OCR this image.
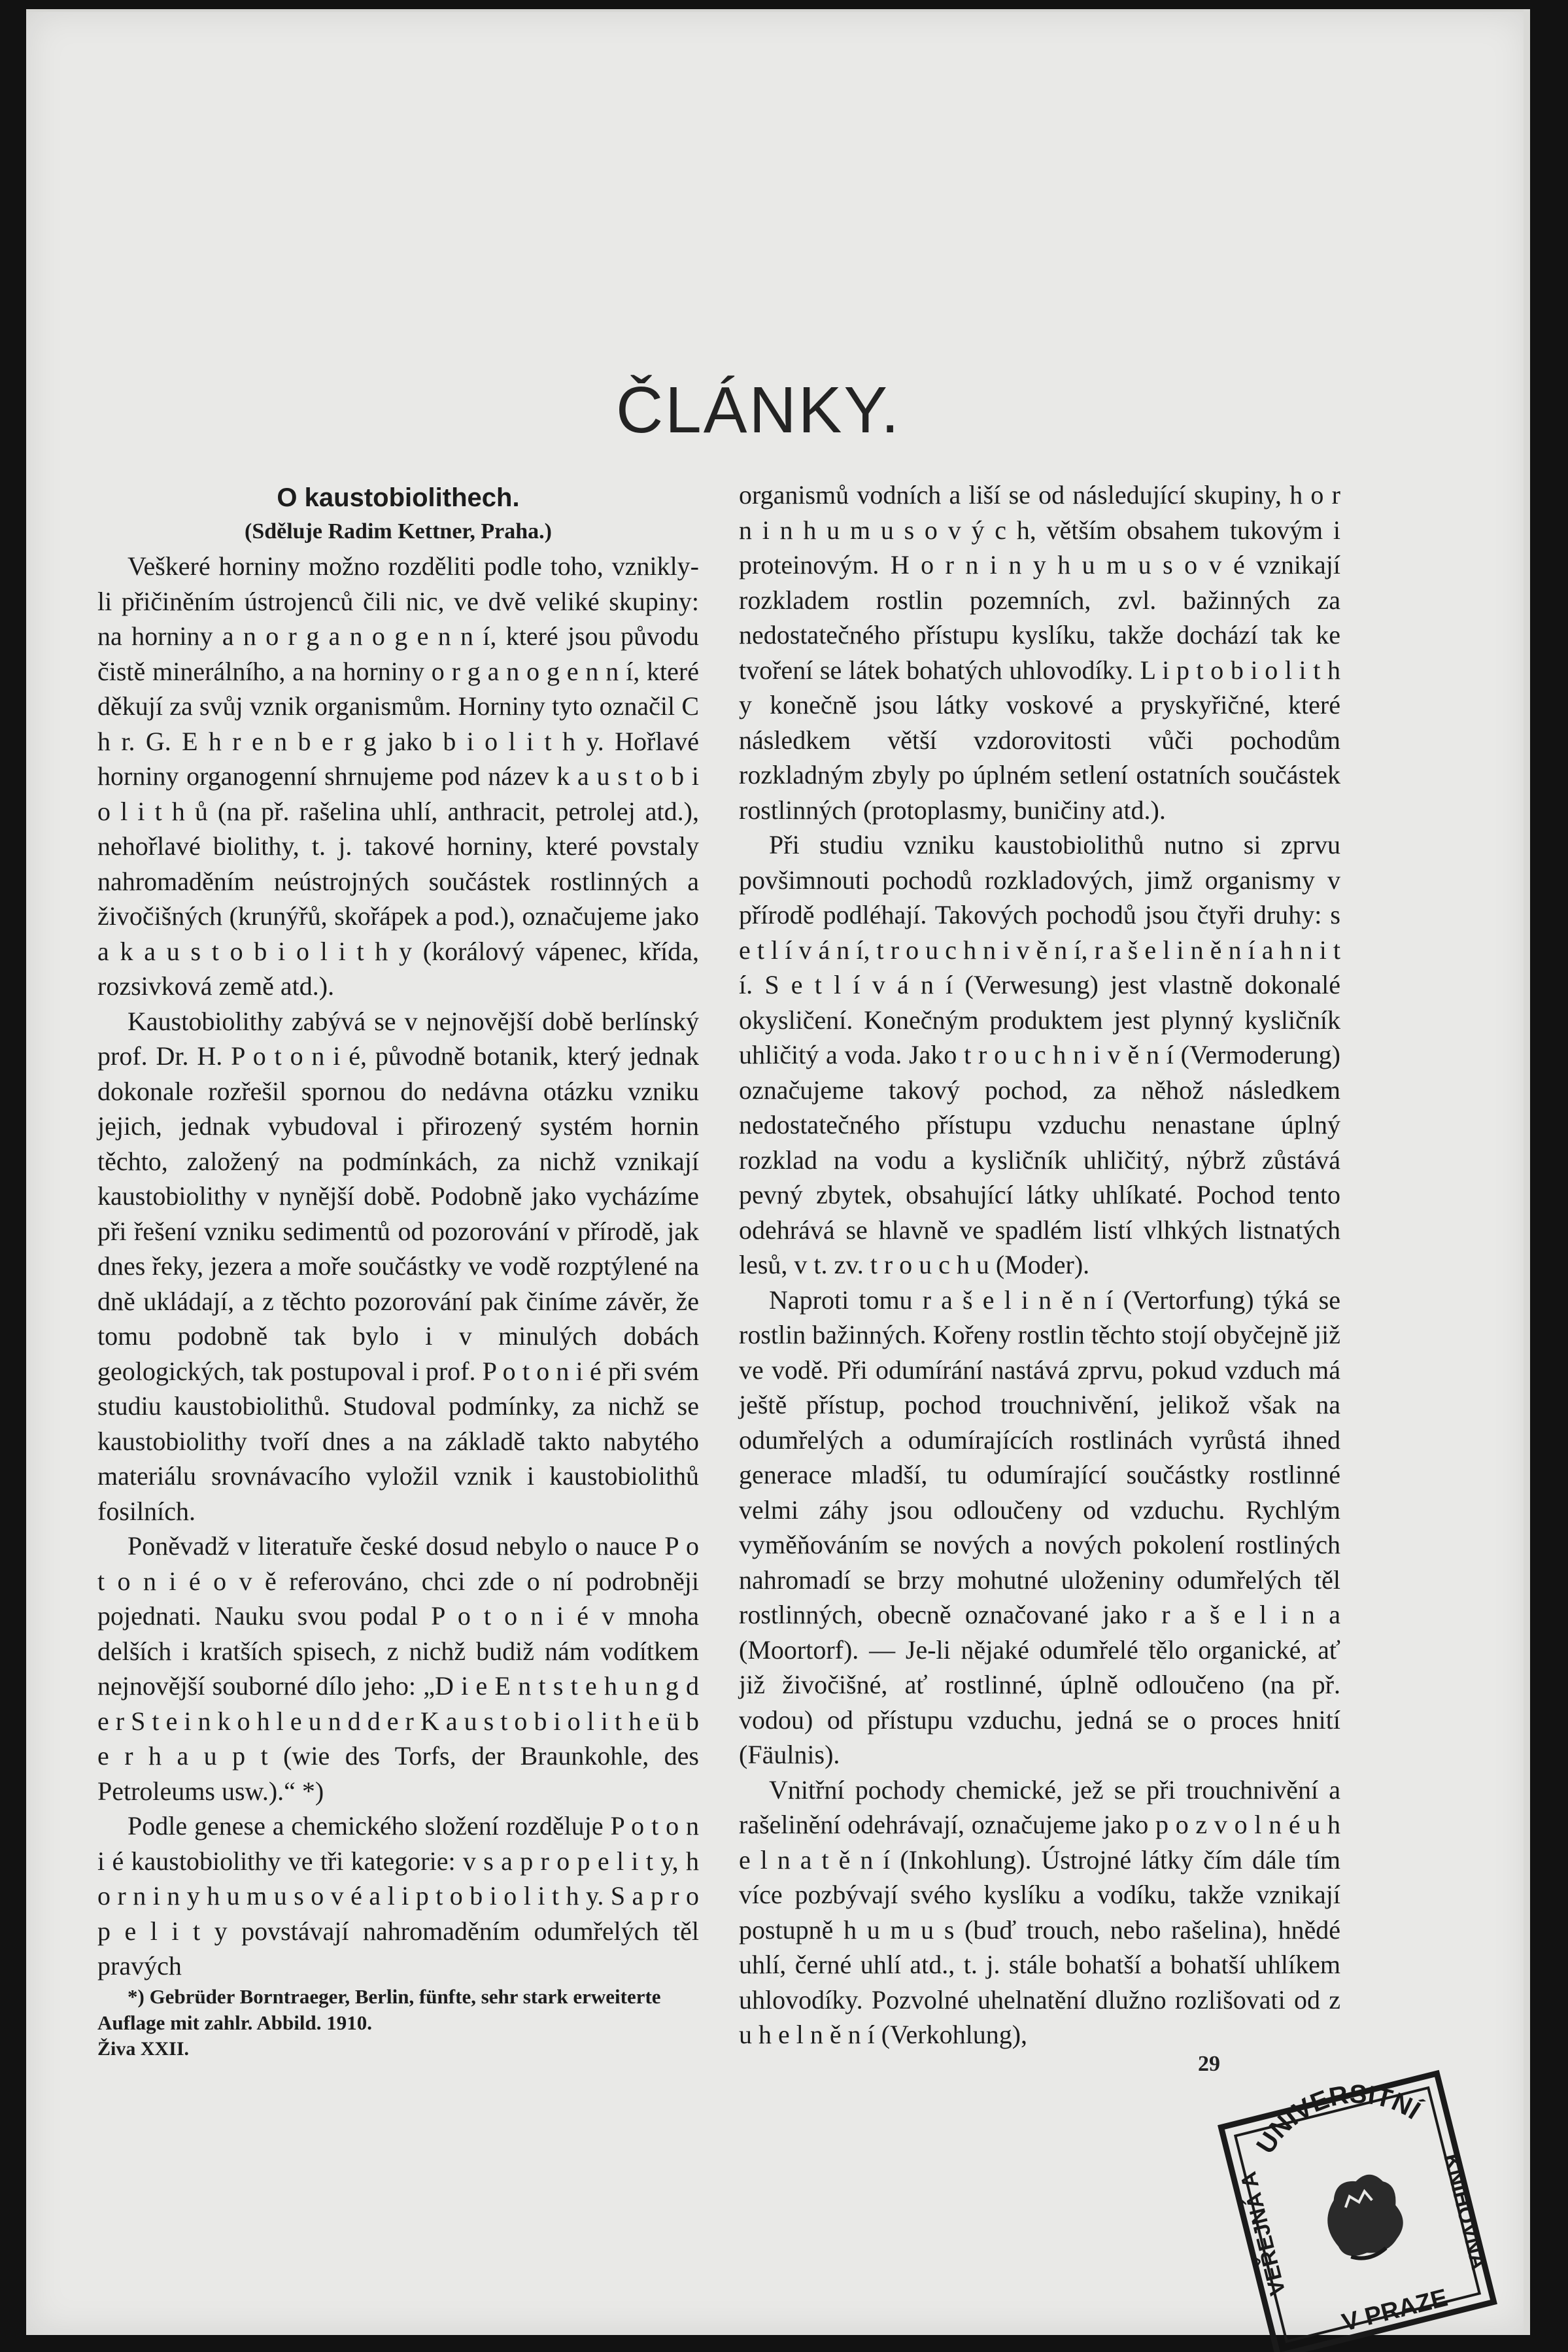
ČLÁNKY.

O kaustobiolithech.

(Sděluje Radim Kettner, Praha.)

Veškeré horniny možno rozděliti podle toho, vznikly-li přičiněním ústrojenců čili nic, ve dvě veliké skupiny: na horniny a n o r g a n o g e n n í, které jsou původu čistě minerálního, a na horniny o r g a n o g e n n í, které děkují za svůj vznik organismům. Horniny tyto označil C h r. G. E h r e n b e r g jako b i o l i t h y. Hořlavé horniny organogenní shrnujeme pod název k a u s t o b i o l i t h ů (na př. rašelina uhlí, anthracit, petrolej atd.), nehořlavé biolithy, t. j. takové horniny, které povstaly nahromaděním neústrojných součástek rostlinných a živočišných (krunýřů, skořápek a pod.), označujeme jako a k a u s t o b i o l i t h y (korálový vápenec, křída, rozsivková země atd.).

Kaustobiolithy zabývá se v nejnovější době berlínský prof. Dr. H. P o t o n i é, původně botanik, který jednak dokonale rozřešil spornou do nedávna otázku vzniku jejich, jednak vybudoval i přirozený systém hornin těchto, založený na podmínkách, za nichž vznikají kaustobiolithy v nynější době. Podobně jako vycházíme při řešení vzniku sedimentů od pozorování v přírodě, jak dnes řeky, jezera a moře součástky ve vodě rozptýlené na dně ukládají, a z těchto pozorování pak činíme závěr, že tomu podobně tak bylo i v minulých dobách geologických, tak postupoval i prof. P o t o n i é při svém studiu kaustobiolithů. Studoval podmínky, za nichž se kaustobiolithy tvoří dnes a na základě takto nabytého materiálu srovnávacího vyložil vznik i kaustobiolithů fosilních.

Poněvadž v literatuře české dosud nebylo o nauce P o t o n i é o v ě referováno, chci zde o ní podrobněji pojednati. Nauku svou podal P o t o n i é v mnoha delších i kratších spisech, z nichž budiž nám vodítkem nejnovější souborné dílo jeho: „D i e E n t s t e h u n g d e r S t e i n k o h l e u n d d e r K a u s t o b i o l i t h e ü b e r h a u p t (wie des Torfs, der Braunkohle, des Petroleums usw.).“ *)

Podle genese a chemického složení rozděluje P o t o n i é kaustobiolithy ve tři kategorie: v s a p r o p e l i t y, h o r n i n y h u m u s o v é a l i p t o b i o l i t h y. S a p r o p e l i t y povstávají nahromaděním odumřelých těl pravých

*) Gebrüder Borntraeger, Berlin, fünfte, sehr stark erweiterte Auflage mit zahlr. Abbild. 1910.

Živa XXII.

organismů vodních a liší se od následující skupiny, h o r n i n h u m u s o v ý c h, větším obsahem tukovým i proteinovým. H o r n i n y h u m u s o v é vznikají rozkladem rostlin pozemních, zvl. bažinných za nedostatečného přístupu kyslíku, takže dochází tak ke tvoření se látek bohatých uhlovodíky. L i p t o b i o l i t h y konečně jsou látky voskové a pryskyřičné, které následkem větší vzdorovitosti vůči pochodům rozkladným zbyly po úplném setlení ostatních součástek rostlinných (protoplasmy, buničiny atd.).

Při studiu vzniku kaustobiolithů nutno si zprvu povšimnouti pochodů rozkladových, jimž organismy v přírodě podléhají. Takových pochodů jsou čtyři druhy: s e t l í v á n í, t r o u c h n i v ě n í, r a š e l i n ě n í a h n i t í. S e t l í v á n í (Verwesung) jest vlastně dokonalé okysličení. Konečným produktem jest plynný kysličník uhličitý a voda. Jako t r o u c h n i v ě n í (Vermoderung) označujeme takový pochod, za něhož následkem nedostatečného přístupu vzduchu nenastane úplný rozklad na vodu a kysličník uhličitý, nýbrž zůstává pevný zbytek, obsahující látky uhlíkaté. Pochod tento odehrává se hlavně ve spadlém listí vlhkých listnatých lesů, v t. zv. t r o u c h u (Moder).

Naproti tomu r a š e l i n ě n í (Vertorfung) týká se rostlin bažinných. Kořeny rostlin těchto stojí obyčejně již ve vodě. Při odumírání nastává zprvu, pokud vzduch má ještě přístup, pochod trouchnivění, jelikož však na odumřelých a odumírajících rostlinách vyrůstá ihned generace mladší, tu odumírající součástky rostlinné velmi záhy jsou odloučeny od vzduchu. Rychlým vyměňováním se nových a nových pokolení rostliných nahromadí se brzy mohutné uloženiny odumřelých těl rostlinných, obecně označované jako r a š e l i n a (Moortorf). — Je-li nějaké odumřelé tělo organické, ať již živočišné, ať rostlinné, úplně odloučeno (na př. vodou) od přístupu vzduchu, jedná se o proces hnití (Fäulnis).

Vnitřní pochody chemické, jež se při trouchnivění a rašelinění odehrávají, označujeme jako p o z v o l n é u h e l n a t ě n í (Inkohlung). Ústrojné látky čím dále tím více pozbývají svého kyslíku a vodíku, takže vznikají postupně h u m u s (buď trouch, nebo rašelina), hnědé uhlí, černé uhlí atd., t. j. stále bohatší a bohatší uhlíkem uhlovodíky. Pozvolné uhelnatění dlužno rozlišovati od z u h e l n ě n í (Verkohlung),

29
UNIVERSITNÍ
VEŘEJNÁ A	KNIHOVNA
V PRAZE
